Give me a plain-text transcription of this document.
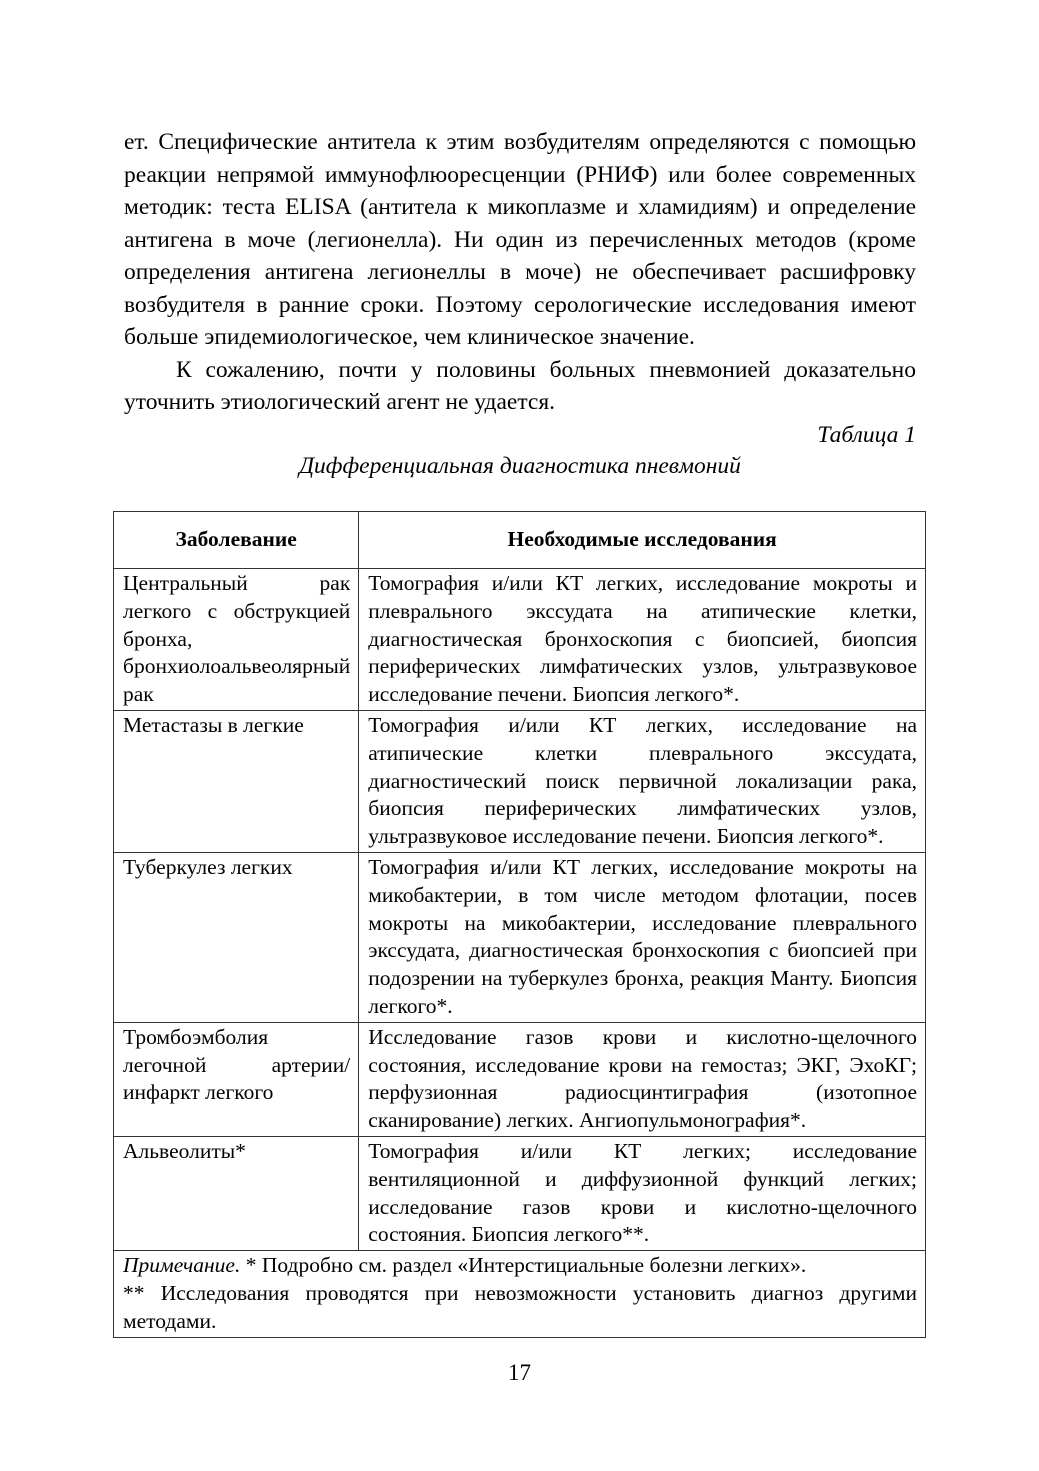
ет. Специфические антитела к этим возбудителям определяются с помощью реакции непрямой иммунофлюоресценции (РНИФ) или более современных методик: теста ELISA (антитела к микоплазме и хламидиям) и определение антигена в моче (легионелла). Ни один из перечисленных методов (кроме определения антигена легионеллы в моче) не обеспечивает расшифровку возбудителя в ранние сроки. Поэтому серологические исследования имеют больше эпидемиологическое, чем клиническое значение.

К сожалению, почти у половины больных пневмонией доказательно уточнить этиологический агент не удается.

Таблица 1

Дифференциальная диагностика пневмоний

Заболевание	Необходимые исследования
Центральный рак легкого с обструкцией бронха, бронхиолоальвеолярный рак	Томография и/или КТ легких, исследование мокроты и плеврального экссудата на атипические клетки, диагностическая бронхоскопия с биопсией, биопсия периферических лимфатических узлов, ультразвуковое исследование печени. Биопсия легкого*.
Метастазы в легкие	Томография и/или КТ легких, исследование на атипические клетки плеврального экссудата, диагностический поиск первичной локализации рака, биопсия периферических лимфатических узлов, ультразвуковое исследование печени. Биопсия легкого*.
Туберкулез легких	Томография и/или КТ легких, исследование мокроты на микобактерии, в том числе методом флотации, посев мокроты на микобактерии, исследование плеврального экссудата, диагностическая бронхоскопия с биопсией при подозрении на туберкулез бронха, реакция Манту. Биопсия легкого*.
Тромбоэмболия легочной артерии/инфаркт легкого	Исследование газов крови и кислотно-щелочного состояния, исследование крови на гемостаз; ЭКГ, ЭхоКГ; перфузионная радиосцинтиграфия (изотопное сканирование) легких. Ангиопульмонография*.
Альвеолиты*	Томография и/или КТ легких; исследование вентиляционной и диффузионной функций легких; исследование газов крови и кислотно-щелочного состояния. Биопсия легкого**.
Примечание. * Подробно см. раздел «Интерстициальные болезни легких».
** Исследования проводятся при невозможности установить диагноз другими методами.	
17
